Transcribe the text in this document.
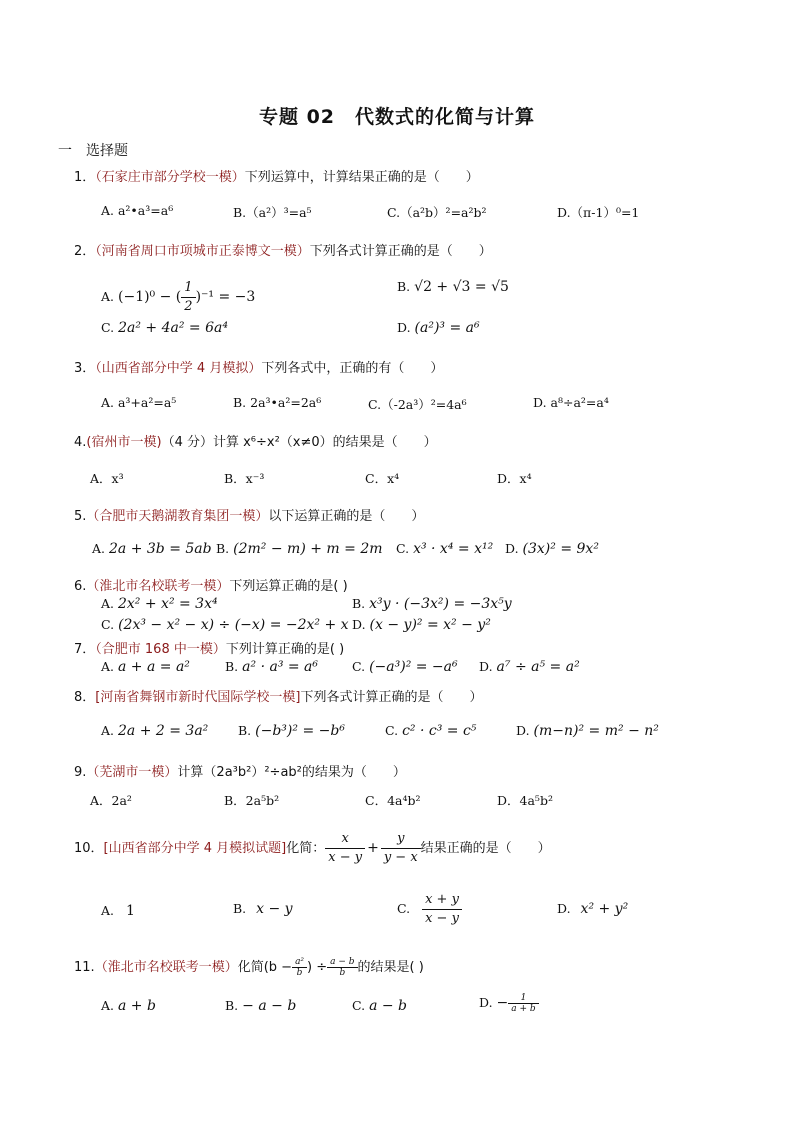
专题 02　代数式的化简与计算
一　选择题
1．（石家庄市部分学校一模）下列运算中，计算结果正确的是（　　）
A. a²•a³=a⁶	B.（a²）³=a⁵	C.（a²b）²=a²b²	D.（π-1）⁰=1
2．（河南省周口市项城市正泰博文一模）下列各式计算正确的是（　　）
A. (−1)⁰ − ( $\frac{1}{2} )^{-1} = -3$
B. √2 + √3 = √5
C. 2a² + 4a² = 6a⁴	D. (a²)³ = a⁶
3．（山西省部分中学 4 月模拟）下列各式中，正确的有（　　）
A. a³+a²=a⁵	B. 2a³•a²=2a⁶	C.（-2a³）²=4a⁶	D. a⁸÷a²=a⁴
4.(宿州市一模)（4 分）计算 x⁶÷x²（x≠0）的结果是（　　）
A．x³	B．x⁻³	C．x⁴	D．x⁴
5.（合肥市天鹅湖教育集团一模）以下运算正确的是（　　）
A. 2a + 3b = 5ab B. (2m² − m) + m = 2m C. x³ · x⁴ = x¹² D. (3x)² = 9x²
6.（淮北市名校联考一模）下列运算正确的是( )
A. 2x² + x² = 3x⁴	B. x³y · (−3x²) = −3x⁵y
C. (2x³ − x² − x) ÷ (−x) = −2x² + x D. (x − y)² = x² − y²
7．（合肥市 168 中一模）下列计算正确的是( )
A. a + a = a²	B. a² · a³ = a⁶	C. (−a³)² = −a⁶ D. a⁷ ÷ a⁵ = a²
8．[河南省舞钢市新时代国际学校一模]下列各式计算正确的是（　　）
A. 2a + 2 = 3a² B. (−b³)² = −b⁶	C. c² · c³ = c⁵	D. (m−n)² = m² − n²
9.（芜湖市一模）计算（2a³b²）²÷ab²的结果为（　　）
A．2a²	B．2a⁵b²	C．4a⁴b²	D．4a⁵b²
10．[山西省部分中学 4 月模拟试题]化简： $\frac{x}{x - y} + \frac{y}{y - x}$ 结果正确的是（　　）
A. 1	B. x − y	C. $\frac{x + y}{x - y}$	D. x² + y²
11.（淮北市名校联考一模）化简($b - \frac{\text{a²}}{b}$ ) ÷ $\frac{a - b}{b}$ 的结果是( )
A. a + b	B. − a − b	C. a − b	D. − $\frac{1}{a + b}$
